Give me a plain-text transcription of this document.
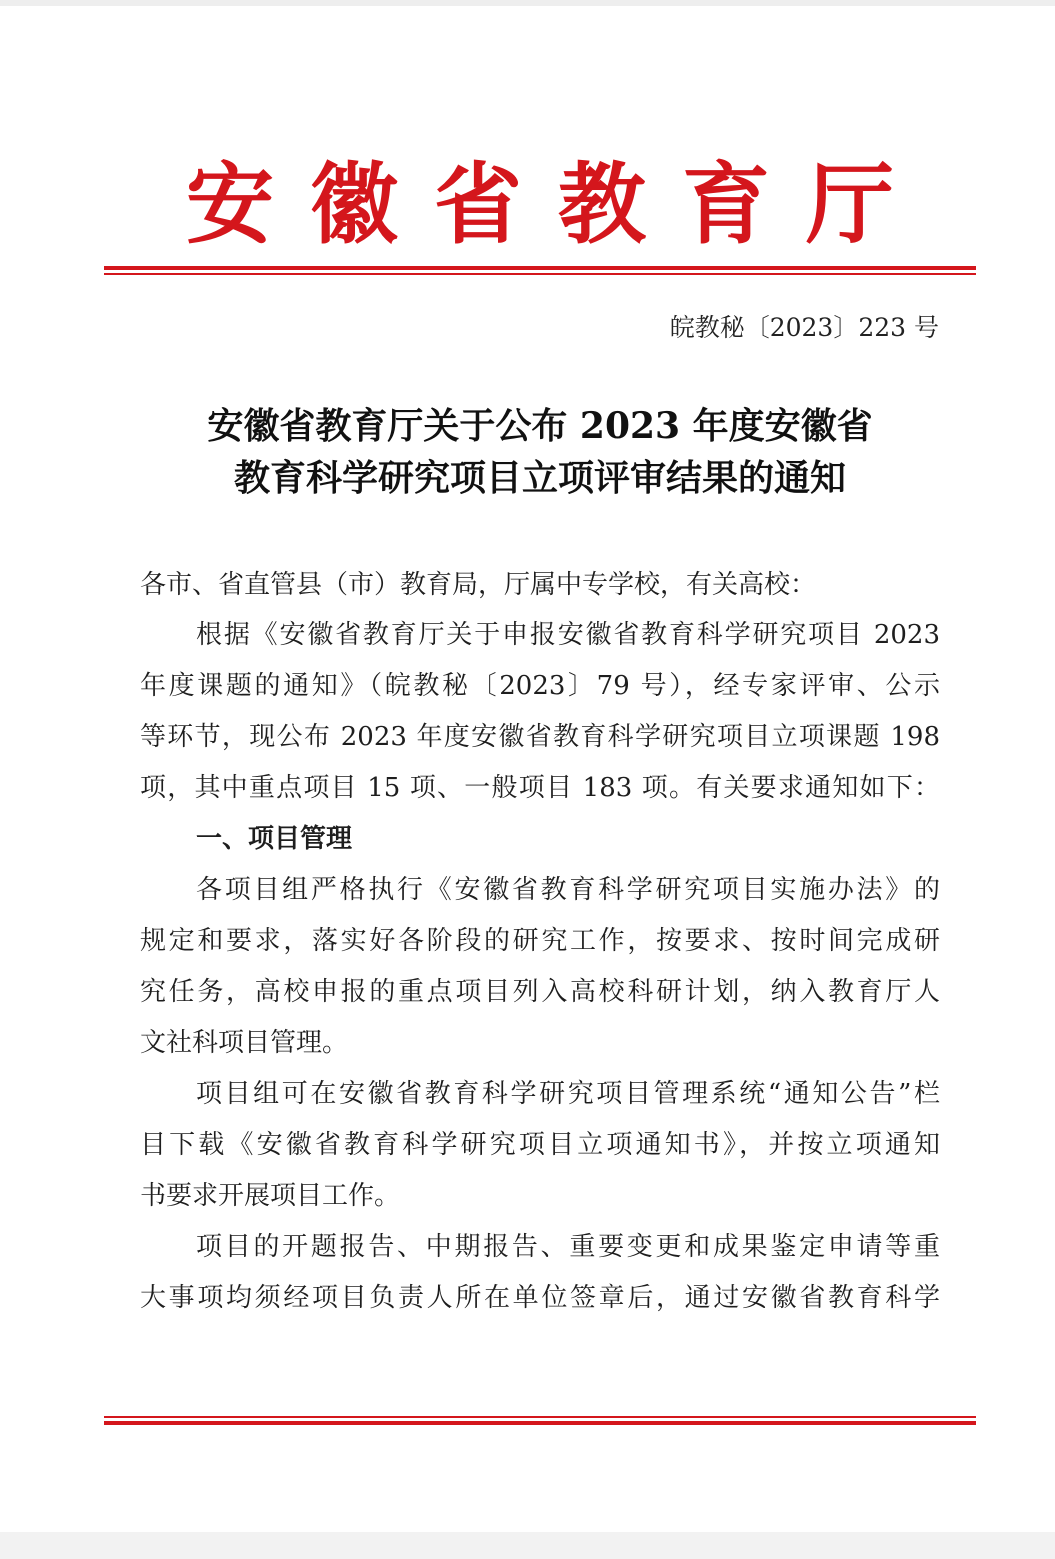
安徽省教育厅
皖教秘〔2023〕223 号
安徽省教育厅关于公布 2023 年度安徽省
教育科学研究项目立项评审结果的通知
各市、省直管县（市）教育局，厅属中专学校，有关高校：
根据《安徽省教育厅关于申报安徽省教育科学研究项目 2023
年度课题的通知》（皖教秘〔2023〕79 号），经专家评审、公示
等环节，现公布 2023 年度安徽省教育科学研究项目立项课题 198
项，其中重点项目 15 项、一般项目 183 项。有关要求通知如下：
一、项目管理
各项目组严格执行《安徽省教育科学研究项目实施办法》的
规定和要求，落实好各阶段的研究工作，按要求、按时间完成研
究任务，高校申报的重点项目列入高校科研计划，纳入教育厅人
文社科项目管理。
项目组可在安徽省教育科学研究项目管理系统“通知公告”栏
目下载《安徽省教育科学研究项目立项通知书》，并按立项通知
书要求开展项目工作。
项目的开题报告、中期报告、重要变更和成果鉴定申请等重
大事项均须经项目负责人所在单位签章后，通过安徽省教育科学
